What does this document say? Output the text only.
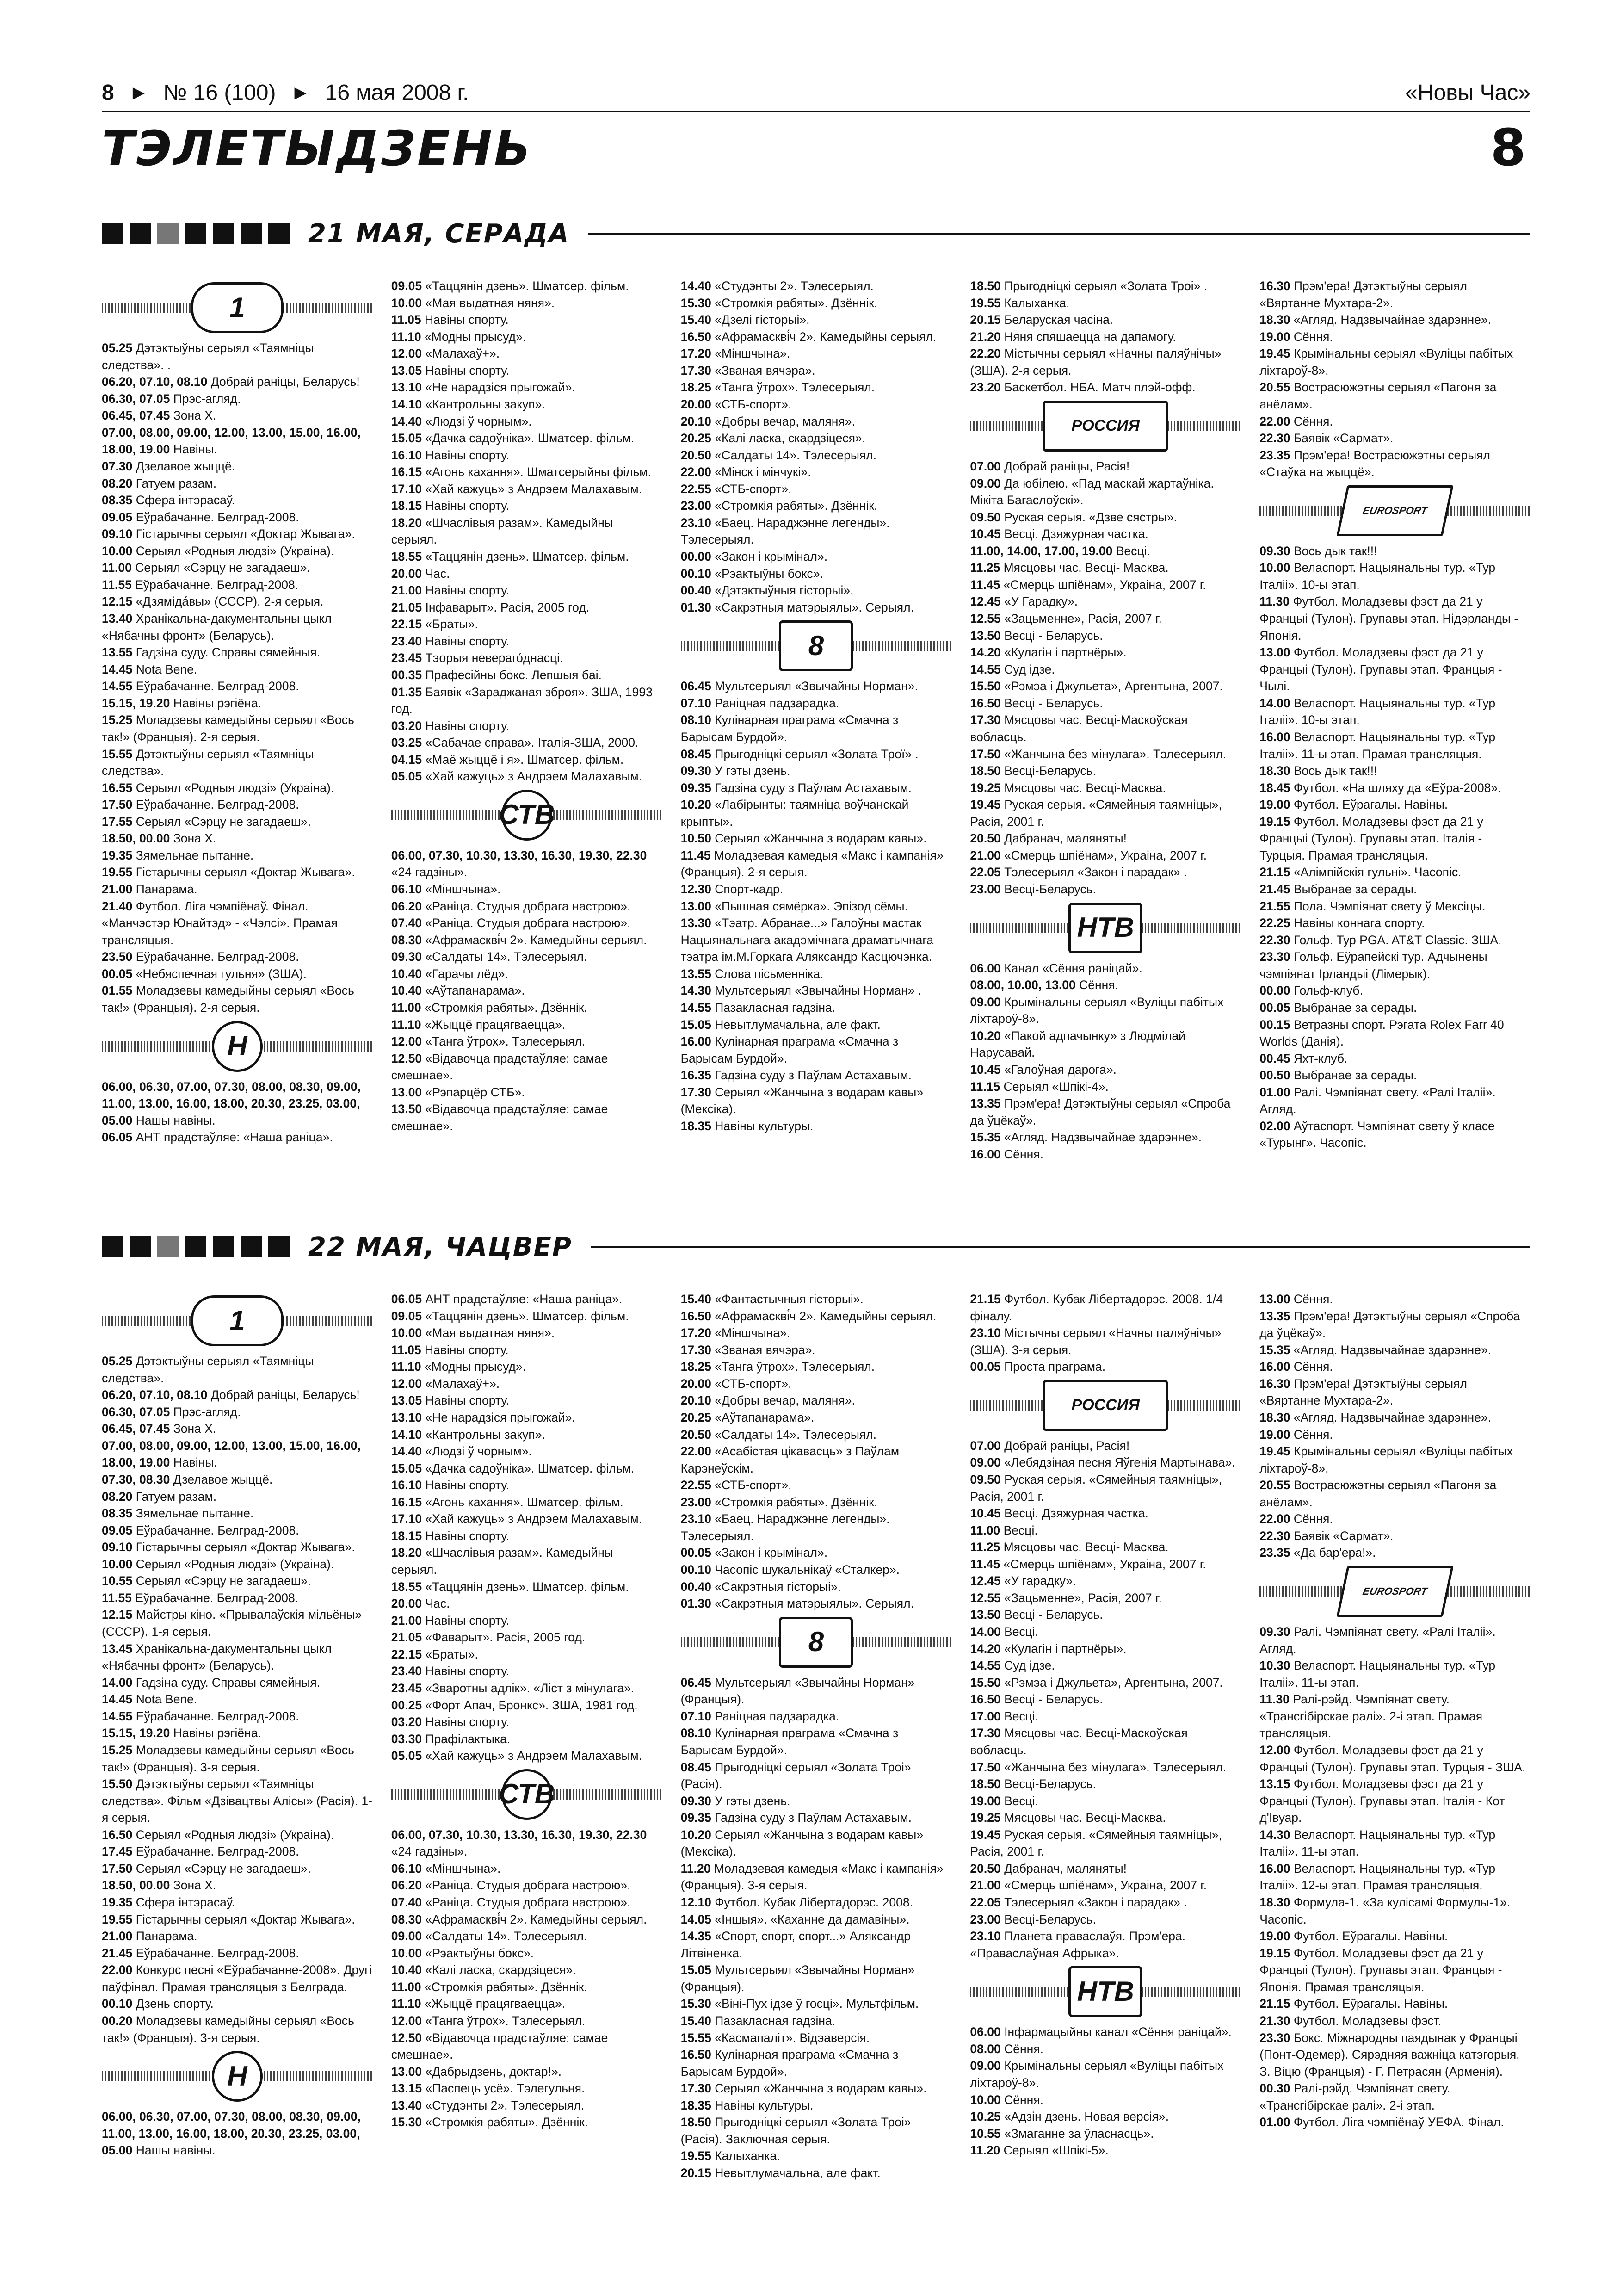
8 ▶ № 16 (100) ▶ 16 мая 2008 г.	«Новы Час»
ТЭЛЕТЫДЗЕНЬ	8
21 МАЯ, СЕРАДА
1

05.25 Дэтэктыўны серыял «Таямніцы следства». .

06.20, 07.10, 08.10 Добрай раніцы, Беларусь!

06.30, 07.05 Прэс-агляд.

06.45, 07.45 Зона Х.

07.00, 08.00, 09.00, 12.00, 13.00, 15.00, 16.00, 18.00, 19.00 Навіны.

07.30 Дзелавое жыццё.

08.20 Гатуем разам.

08.35 Сфера інтэрасаў.

09.05 Еўрабачанне. Белград-2008.

09.10 Гістарычны серыял «Доктар Жывага».

10.00 Серыял «Родныя людзі» (Украіна).

11.00 Серыял «Сэрцу не загадаеш».

11.55 Еўрабачанне. Белград-2008.

12.15 «Дзяміда́вы» (СССР). 2-я серыя.

13.40 Хранікальна-дакументальны цыкл «Нябачны фронт» (Беларусь).

13.55 Гадзіна суду. Справы сямейныя.

14.45 Nota Bene.

14.55 Еўрабачанне. Белград-2008.

15.15, 19.20 Навіны рэгіёна.

15.25 Моладзевы камедыйны серыял «Вось так!» (Францыя). 2-я серыя.

15.55 Дэтэктыўны серыял «Таямніцы следства».

16.55 Серыял «Родныя людзі» (Украіна).

17.50 Еўрабачанне. Белград-2008.

17.55 Серыял «Сэрцу не загадаеш».

18.50, 00.00 Зона Х.

19.35 Зямельнае пытанне.

19.55 Гістарычны серыял «Доктар Жывага».

21.00 Панарама.

21.40 Футбол. Ліга чэмпіёнаў. Фінал. «Манчэстэр Юнайтэд» - «Чэлсі». Прамая трансляцыя.

23.50 Еўрабачанне. Белград-2008.

00.05 «Небяспечная гульня» (ЗША).

01.55 Моладзевы камедыйны серыял «Вось так!» (Францыя). 2-я серыя.

Н

06.00, 06.30, 07.00, 07.30, 08.00, 08.30, 09.00, 11.00, 13.00, 16.00, 18.00, 20.30, 23.25, 03.00, 05.00 Нашы навіны.

06.05 АНТ прадстаўляе: «Наша раніца».

09.05 «Таццянін дзень». Шматсер. фільм.

10.00 «Мая выдатная няня».

11.05 Навіны спорту.

11.10 «Модны прысуд».

12.00 «Малахаў+».

13.05 Навіны спорту.

13.10 «Не нарадзіся прыгожай».

14.10 «Кантрольны закуп».

14.40 «Людзі ў чорным».

15.05 «Дачка садоўніка». Шматсер. фільм.

16.10 Навіны спорту.

16.15 «Агонь кахання». Шматсерыйны фільм.

17.10 «Хай кажуць» з Андрэем Малахавым.

18.15 Навіны спорту.

18.20 «Шчаслівыя разам». Камедыйны серыял.

18.55 «Таццянін дзень». Шматсер. фільм.

20.00 Час.

21.00 Навіны спорту.

21.05 Iнфаварыт». Расія, 2005 год.

22.15 «Браты».

23.40 Навіны спорту.

23.45 Тэорыя невераго́днасці.

00.35 Прафесійны бокс. Лепшыя бai.

01.35 Баявік «Зараджаная зброя». ЗША, 1993 год.

03.20 Навіны спорту.

03.25 «Сабачае справа». Італія-ЗША, 2000.

04.15 «Маё жыццё і я». Шматсер. фільм.

05.05 «Хай кажуць» з Андрэем Малахавым.

СТВ

06.00, 07.30, 10.30, 13.30, 16.30, 19.30, 22.30 «24 гадзіны».

06.10 «Міншчына».

06.20 «Раніца. Студыя добрага настрою».

07.40 «Раніца. Студыя добрага настрою».

08.30 «Афрамаскві́ч 2». Камедыйны серыял.

09.30 «Салдаты 14». Тэлесерыял.

10.40 «Гарачы лёд».

10.40 «Аўтапанарама».

11.00 «Стромкія рабяты». Дзённік.

11.10 «Жыццё працягваецца».

12.00 «Танга ўтрох». Тэлесерыял.

12.50 «Відавочца прадстаўляе: самае смешнае».

13.00 «Рэпарцёр СТБ».

13.50 «Відавочца прадстаўляе: самае смешнае».

14.40 «Студэнты 2». Тэлесерыял.

15.30 «Стромкія рабяты». Дзённік.

15.40 «Дзелі гісторыі».

16.50 «Афрамаскві́ч 2». Камедыйны серыял.

17.20 «Міншчына».

17.30 «Званая вячэра».

18.25 «Танга ўтрох». Тэлесерыял.

20.00 «СТБ-спорт».

20.10 «Добры вечар, маляня».

20.25 «Калі ласка, скардзіцеся».

20.50 «Салдаты 14». Тэлесерыял.

22.00 «Мінск і мінчукі».

22.55 «СТБ-спорт».

23.00 «Стромкія рабяты». Дзённік.

23.10 «Баец. Нараджэнне легенды». Тэлесерыял.

00.00 «Закон і крымінал».

00.10 «Рэактыўны бокс».

00.40 «Дэтэктыўныя гісторыі».

01.30 «Сакрэтныя матэрыялы». Серыял.

8

06.45 Мультсерыял «Звычайны Норман».

07.10 Раніцная падзарадка.

08.10 Кулінарная праграма «Смачна з Барысам Бурдой».

08.45 Прыгодніцкі серыял «Золата Трої» .

09.30 У гэты дзень.

09.35 Гадзіна суду з Паўлам Астахавым.

10.20 «Лабірынты: таямніца воўчанскай крыпты».

10.50 Серыял «Жанчына з водарам кавы».

11.45 Моладзевая камедыя «Макс і кампанія» (Францыя). 2-я серыя.

12.30 Спорт-кадр.

13.00 «Пышная сямёрка». Эпізод сёмы.

13.30 «Тэатр. Абранае...» Галоўны мастак Нацыянальнага акадэмічнага драматычнага тэатра ім.М.Горкага Аляксандр Касцючэнка.

13.55 Слова пісьменніка.

14.30 Мультсерыял «Звычайны Норман» .

14.55 Пазакласная гадзіна.

15.05 Невытлумачальна, але факт.

16.00 Кулінарная праграма «Смачна з Барысам Бурдой».

16.35 Гадзіна суду з Паўлам Астахавым.

17.30 Серыял «Жанчына з водарам кавы» (Мексіка).

18.35 Навіны культуры.

18.50 Прыгодніцкі серыял «Золата Троі» .

19.55 Калыханка.

20.15 Беларуская часіна.

21.20 Няня спяшаецца на дапамогу.

22.20 Містычны серыял «Начны паляўнічы» (ЗША). 2-я серыя.

23.20 Баскетбол. НБА. Матч плэй-офф.

РОССИЯ

07.00 Добрай раніцы, Расія!

09.00 Да юбілею. «Пад маскай жартаўніка. Мікіта Багаслоўскі».

09.50 Руская серыя. «Дзве сястры».

10.45 Весці. Дзяжурная частка.

11.00, 14.00, 17.00, 19.00 Весці.

11.25 Мясцовы час. Весці- Масква.

11.45 «Смерць шпіёнам», Украіна, 2007 г.

12.45 «У Гарадку».

12.55 «Зацьменне», Расія, 2007 г.

13.50 Весці - Беларусь.

14.20 «Кулагін і партнёры».

14.55 Суд ідзе.

15.50 «Рэмэа і Джульета», Аргентына, 2007.

16.50 Весці - Беларусь.

17.30 Мясцовы час. Весці-Маскоўская вобласць.

17.50 «Жанчына без мінулага». Тэлесерыял.

18.50 Весці-Беларусь.

19.25 Мясцовы час. Весці-Масква.

19.45 Руская серыя. «Сямейныя таямніцы», Расія, 2001 г.

20.50 Дабранач, маляняты!

21.00 «Смерць шпіёнам», Украіна, 2007 г.

22.05 Тэлесерыял «Закон і парадак» .

23.00 Весці-Беларусь.

НТВ

06.00 Канал «Сёння раніцай».

08.00, 10.00, 13.00 Сёння.

09.00 Крымінальны серыял «Вуліцы пабітых ліхтароў-8».

10.20 «Пакой адпачынку» з Людмілай Нарусавай.

10.45 «Галоўная дарога».

11.15 Серыял «Шпікі-4».

13.35 Прэм'ера! Дэтэктыўны серыял «Спроба да ўцёкаў».

15.35 «Агляд. Надзвычайнае здарэнне».

16.00 Сёння.

16.30 Прэм'ера! Дэтэктыўны серыял «Вяртанне Мухтара-2».

18.30 «Агляд. Надзвычайнае здарэнне».

19.00 Сёння.

19.45 Крымінальны серыял «Вуліцы пабітых ліхтароў-8».

20.55 Вострасюжэтны серыял «Пагоня за анёлам».

22.00 Сёння.

22.30 Баявік «Сармат».

23.35 Прэм'ера! Вострасюжэтны серыял «Стаўка на жыццё».

EUROSPORT

09.30 Вось дык так!!!

10.00 Веласпорт. Нацыянальны тур. «Тур Італіі». 10-ы этап.

11.30 Футбол. Моладзевы фэст да 21 у Францыі (Тулон). Групавы этап. Нідэрланды - Японія.

13.00 Футбол. Моладзевы фэст да 21 у Францыі (Тулон). Групавы этап. Францыя - Чылі.

14.00 Веласпорт. Нацыянальны тур. «Тур Італіі». 10-ы этап.

16.00 Веласпорт. Нацыянальны тур. «Тур Італіі». 11-ы этап. Прамая трансляцыя.

18.30 Вось дык так!!!

18.45 Футбол. «На шляху да «Еўра-2008».

19.00 Футбол. Еўрагалы. Навіны.

19.15 Футбол. Моладзевы фэст да 21 у Францыі (Тулон). Групавы этап. Італія - Турцыя. Прамая трансляцыя.

21.15 «Алімпійскія гульні». Часопіс.

21.45 Выбранае за серады.

21.55 Пола. Чэмпіянат свету ў Мексіцы.

22.25 Навіны коннага спорту.

22.30 Гольф. Тур PGA. AT&T Classic. ЗША.

23.30 Гольф. Еўрапейскі тур. Адчынены чэмпіянат Ірландыі (Лімерык).

00.00 Гольф-клуб.

00.05 Выбранае за серады.

00.15 Ветразны спорт. Рэгата Rolex Farr 40 Worlds (Данія).

00.45 Яхт-клуб.

00.50 Выбранае за серады.

01.00 Ралі. Чэмпіянат свету. «Ралі Італіі». Агляд.

02.00 Аўтаспорт. Чэмпіянат свету ў класе «Турынг». Часопіс.

22 МАЯ, ЧАЦВЕР
1

05.25 Дэтэктыўны серыял «Таямніцы следства».

06.20, 07.10, 08.10 Добрай раніцы, Беларусь!

06.30, 07.05 Прэс-агляд.

06.45, 07.45 Зона Х.

07.00, 08.00, 09.00, 12.00, 13.00, 15.00, 16.00, 18.00, 19.00 Навіны.

07.30, 08.30 Дзелавое жыццё.

08.20 Гатуем разам.

08.35 Зямельнае пытанне.

09.05 Еўрабачанне. Белград-2008.

09.10 Гістарычны серыял «Доктар Жывага».

10.00 Серыял «Родныя людзі» (Украіна).

10.55 Серыял «Сэрцу не загадаеш».

11.55 Еўрабачанне. Белград-2008.

12.15 Майстры кіно. «Прывалаўскія мільёны» (СССР). 1-я серыя.

13.45 Хранікальна-дакументальны цыкл «Нябачны фронт» (Беларусь).

14.00 Гадзіна суду. Справы сямейныя.

14.45 Nota Bene.

14.55 Еўрабачанне. Белград-2008.

15.15, 19.20 Навіны рэгіёна.

15.25 Моладзевы камедыйны серыял «Вось так!» (Францыя). 3-я серыя.

15.50 Дэтэктыўны серыял «Таямніцы следства». Фільм «Дзівацтвы Алісы» (Расія). 1-я серыя.

16.50 Серыял «Родныя людзі» (Украіна).

17.45 Еўрабачанне. Белград-2008.

17.50 Серыял «Сэрцу не загадаеш».

18.50, 00.00 Зона Х.

19.35 Сфера інтэрасаў.

19.55 Гістарычны серыял «Доктар Жывага».

21.00 Панарама.

21.45 Еўрабачанне. Белград-2008.

22.00 Конкурс песні «Еўрабачанне-2008». Другі паўфінал. Прамая трансляцыя з Белграда.

00.10 Дзень спорту.

00.20 Моладзевы камедыйны серыял «Вось так!» (Францыя). 3-я серыя.

Н

06.00, 06.30, 07.00, 07.30, 08.00, 08.30, 09.00, 11.00, 13.00, 16.00, 18.00, 20.30, 23.25, 03.00, 05.00 Нашы навіны.

06.05 АНТ прадстаўляе: «Наша раніца».

09.05 «Таццянін дзень». Шматсер. фільм.

10.00 «Мая выдатная няня».

11.05 Навіны спорту.

11.10 «Модны прысуд».

12.00 «Малахаў+».

13.05 Навіны спорту.

13.10 «Не нарадзіся прыгожай».

14.10 «Кантрольны закуп».

14.40 «Людзі ў чорным».

15.05 «Дачка садоўніка». Шматсер. фільм.

16.10 Навіны спорту.

16.15 «Агонь кахання». Шматсер. фільм.

17.10 «Хай кажуць» з Андрэем Малахавым.

18.15 Навіны спорту.

18.20 «Шчаслівыя разам». Камедыйны серыял.

18.55 «Таццянін дзень». Шматсер. фільм.

20.00 Час.

21.00 Навіны спорту.

21.05 «Фаварыт». Расія, 2005 год.

22.15 «Браты».

23.40 Навіны спорту.

23.45 «Зваротны адлік». «Ліст з мінулага».

00.25 «Форт Апач, Бронкс». ЗША, 1981 год.

03.20 Навіны спорту.

03.30 Прафілактыка.

05.05 «Хай кажуць» з Андрэем Малахавым.

СТВ

06.00, 07.30, 10.30, 13.30, 16.30, 19.30, 22.30 «24 гадзіны».

06.10 «Міншчына».

06.20 «Раніца. Студыя добрага настрою».

07.40 «Раніца. Студыя добрага настрою».

08.30 «Афрамаскві́ч 2». Камедыйны серыял.

09.00 «Салдаты 14». Тэлесерыял.

10.00 «Рэактыўны бокс».

10.40 «Калі ласка, скардзіцеся».

11.00 «Стромкія рабяты». Дзённік.

11.10 «Жыццё працягваецца».

12.00 «Танга ўтрох». Тэлесерыял.

12.50 «Відавочца прадстаўляе: самае смешнае».

13.00 «Дабрыдзень, доктар!».

13.15 «Паспець усё». Тэлегульня.

13.40 «Студэнты 2». Тэлесерыял.

15.30 «Стромкія рабяты». Дзённік.

15.40 «Фантастычныя гісторыі».

16.50 «Афрамаскві́ч 2». Камедыйны серыял.

17.20 «Міншчына».

17.30 «Званая вячэра».

18.25 «Танга ўтрох». Тэлесерыял.

20.00 «СТБ-спорт».

20.10 «Добры вечар, маляня».

20.25 «Аўтапанарама».

20.50 «Салдаты 14». Тэлесерыял.

22.00 «Асабістая цікавасць» з Паўлам Карэнеўскім.

22.55 «СТБ-спорт».

23.00 «Стромкія рабяты». Дзённік.

23.10 «Баец. Нараджэнне легенды». Тэлесерыял.

00.05 «Закон і крымінал».

00.10 Часопіс шукальнікаў «Сталкер».

00.40 «Сакрэтныя гісторыі».

01.30 «Сакрэтныя матэрыялы». Серыял.

8

06.45 Мультсерыял «Звычайны Норман» (Францыя).

07.10 Раніцная падзарадка.

08.10 Кулінарная праграма «Смачна з Барысам Бурдой».

08.45 Прыгодніцкі серыял «Золата Троі» (Расія).

09.30 У гэты дзень.

09.35 Гадзіна суду з Паўлам Астахавым.

10.20 Серыял «Жанчына з водарам кавы» (Мексіка).

11.20 Моладзевая камедыя «Макс і кампанія» (Францыя). 3-я серыя.

12.10 Футбол. Кубак Лібертадорэс. 2008.

14.05 «Іншыя». «Каханне да дамавіны».

14.35 «Спорт, спорт, спорт...» Аляксандр Літвіненка.

15.05 Мультсерыял «Звычайны Норман» (Францыя).

15.30 «Віні-Пух ідзе ў госці». Мультфільм.

15.40 Пазакласная гадзіна.

15.55 «Касмапаліт». Відэаверсія.

16.50 Кулінарная праграма «Смачна з Барысам Бурдой».

17.30 Серыял «Жанчына з водарам кавы».

18.35 Навіны культуры.

18.50 Прыгодніцкі серыял «Золата Троі» (Расія). Заключная серыя.

19.55 Калыханка.

20.15 Невытлумачальна, але факт.

21.15 Футбол. Кубак Лібертадорэс. 2008. 1/4 фіналу.

23.10 Містычны серыял «Начны паляўнічы» (ЗША). 3-я серыя.

00.05 Проста праграма.

РОССИЯ

07.00 Добрай раніцы, Расія!

09.00 «Лебядзіная песня Яўгенія Мартынава».

09.50 Руская серыя. «Сямейныя таямніцы», Расія, 2001 г.

10.45 Весці. Дзяжурная частка.

11.00 Весці.

11.25 Мясцовы час. Весці- Масква.

11.45 «Смерць шпіёнам», Украіна, 2007 г.

12.45 «У гарадку».

12.55 «Зацьменне», Расія, 2007 г.

13.50 Весці - Беларусь.

14.00 Весці.

14.20 «Кулагін і партнёры».

14.55 Суд ідзе.

15.50 «Рэмэа і Джульета», Аргентына, 2007.

16.50 Весці - Беларусь.

17.00 Весці.

17.30 Мясцовы час. Весці-Маскоўская вобласць.

17.50 «Жанчына без мінулага». Тэлесерыял.

18.50 Весці-Беларусь.

19.00 Весці.

19.25 Мясцовы час. Весці-Масква.

19.45 Руская серыя. «Сямейныя таямніцы», Расія, 2001 г.

20.50 Дабранач, маляняты!

21.00 «Смерць шпіёнам», Украіна, 2007 г.

22.05 Тэлесерыял «Закон і парадак» .

23.00 Весці-Беларусь.

23.10 Планета праваслаўя. Прэм'ера. «Праваслаўная Афрыка».

НТВ

06.00 Інфармацыйны канал «Сёння раніцай».

08.00 Сёння.

09.00 Крымінальны серыял «Вуліцы пабітых ліхтароў-8».

10.00 Сёння.

10.25 «Адзін дзень. Новая версія».

10.55 «Змаганне за ўласнасць».

11.20 Серыял «Шпікі-5».

13.00 Сёння.

13.35 Прэм'ера! Дэтэктыўны серыял «Спроба да ўцёкаў».

15.35 «Агляд. Надзвычайнае здарэнне».

16.00 Сёння.

16.30 Прэм'ера! Дэтэктыўны серыял «Вяртанне Мухтара-2».

18.30 «Агляд. Надзвычайнае здарэнне».

19.00 Сёння.

19.45 Крымінальны серыял «Вуліцы пабітых ліхтароў-8».

20.55 Вострасюжэтны серыял «Пагоня за анёлам».

22.00 Сёння.

22.30 Баявік «Сармат».

23.35 «Да бар'ера!».

EUROSPORT

09.30 Ралі. Чэмпіянат свету. «Ралі Італіі». Агляд.

10.30 Веласпорт. Нацыянальны тур. «Тур Італіі». 11-ы этап.

11.30 Ралі-рэйд. Чэмпіянат свету. «Трансгібірскае ралі». 2-і этап. Прамая трансляцыя.

12.00 Футбол. Моладзевы фэст да 21 у Францыі (Тулон). Групавы этап. Турцыя - ЗША.

13.15 Футбол. Моладзевы фэст да 21 у Францыі (Тулон). Групавы этап. Італія - Кот д'Івуар.

14.30 Веласпорт. Нацыянальны тур. «Тур Італіі». 11-ы этап.

16.00 Веласпорт. Нацыянальны тур. «Тур Італіі». 12-ы этап. Прамая трансляцыя.

18.30 Формула-1. «За кулісамі Формулы-1». Часопіс.

19.00 Футбол. Еўрагалы. Навіны.

19.15 Футбол. Моладзевы фэст да 21 у Францыі (Тулон). Групавы этап. Францыя - Японія. Прамая трансляцыя.

21.15 Футбол. Еўрагалы. Навіны.

21.30 Футбол. Моладзевы фэст.

23.30 Бокс. Міжнародны паядынак у Францыі (Понт-Одемер). Сярэдняя важніца катэгорыя. З. Віцю (Францыя) - Г. Петрасян (Арменія).

00.30 Ралі-рэйд. Чэмпіянат свету. «Трансгібірскае ралі». 2-і этап.

01.00 Футбол. Ліга чэмпіёнаў УЕФА. Фінал.
